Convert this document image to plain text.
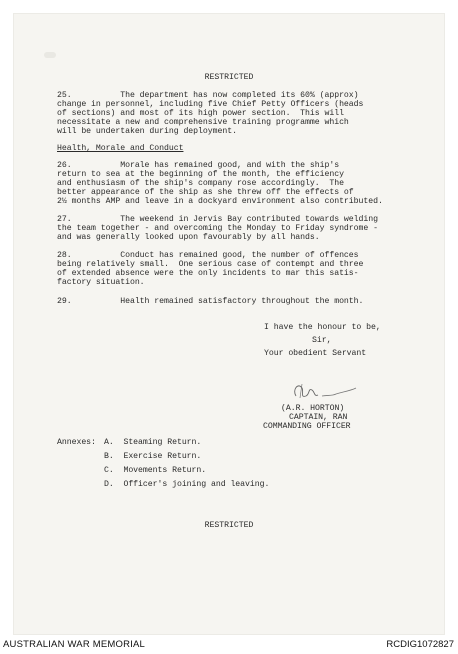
RESTRICTED
25.          The department has now completed its 60% (approx)
change in personnel, including five Chief Petty Officers (heads
of sections) and most of its high power section.  This will
necessitate a new and comprehensive training programme which
will be undertaken during deployment.
Health, Morale and Conduct
26.          Morale has remained good, and with the ship's
return to sea at the beginning of the month, the efficiency
and enthusiasm of the ship's company rose accordingly.  The
better appearance of the ship as she threw off the effects of
2½ months AMP and leave in a dockyard environment also contributed.
27.          The weekend in Jervis Bay contributed towards welding
the team together - and overcoming the Monday to Friday syndrome -
and was generally looked upon favourably by all hands.
28.          Conduct has remained good, the number of offences
being relatively small.  One serious case of contempt and three
of extended absence were the only incidents to mar this satis-
factory situation.
29.          Health remained satisfactory throughout the month.
I have the honour to be,
Sir,
Your obedient Servant
(A.R. HORTON)
CAPTAIN, RAN
COMMANDING OFFICER
Annexes: A.  Steaming Return.
B.  Exercise Return.
C.  Movements Return.
D.  Officer's joining and leaving.
RESTRICTED
AUSTRALIAN WAR MEMORIAL	RCDIG1072827
